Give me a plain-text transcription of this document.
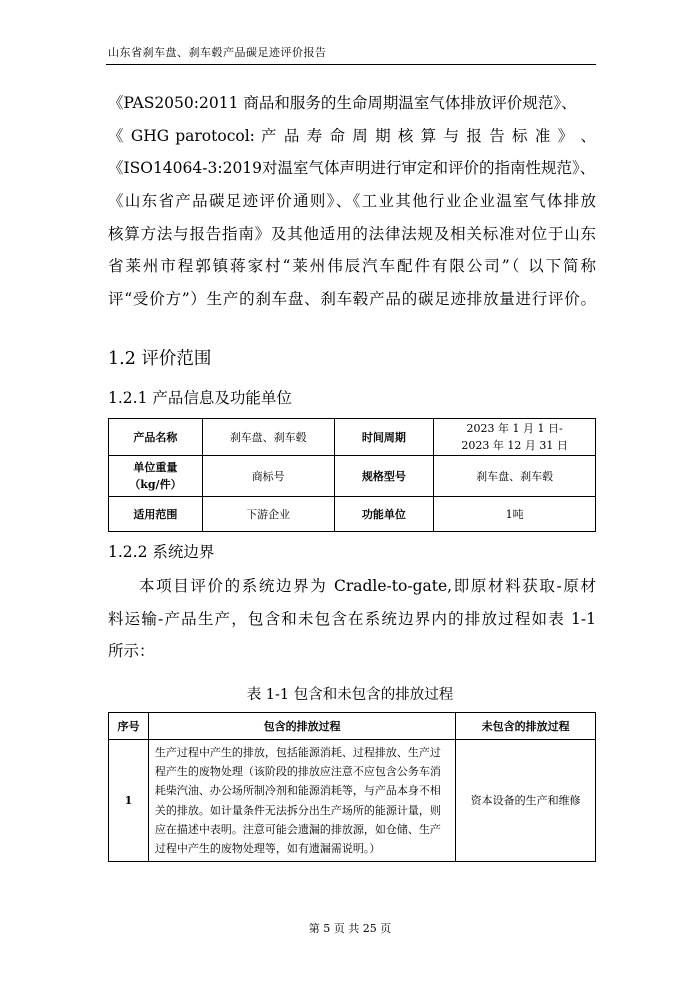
山东省刹车盘、刹车毂产品碳足迹评价报告
《PAS2050:2011 商品和服务的生命周期温室气体排放评价规范》、
《 GHG parotocol: 产 品 寿 命 周 期 核 算 与 报 告 标 准 》 、
《ISO14064-3:2019对温室气体声明进行审定和评价的指南性规范》、
《山东省产品碳足迹评价通则》、《工业其他行业企业温室气体排放
核算方法与报告指南》及其他适用的法律法规及相关标准对位于山东
省莱州市程郭镇蒋家村“莱州伟辰汽车配件有限公司”（ 以下简称
评“受价方”）生产的刹车盘、刹车毂产品的碳足迹排放量进行评价。
1.2 评价范围
1.2.1 产品信息及功能单位
产品名称	刹车盘、刹车毂	时间周期	2023 年 1 月 1 日-
2023 年 12 月 31 日
单位重量
（kg/件）	商标号	规格型号	刹车盘、刹车毂
适用范围	下游企业	功能单位	1吨
1.2.2 系统边界
本项目评价的系统边界为 Cradle-to-gate,即原材料获取-原材
料运输-产品生产，包含和未包含在系统边界内的排放过程如表 1-1
所示：
表 1-1 包含和未包含的排放过程
序号	包含的排放过程	未包含的排放过程
1	生产过程中产生的排放，包括能源消耗、过程排放、生产过程产生的废物处理（该阶段的排放应注意不应包含公务车消耗柴汽油、办公场所制冷剂和能源消耗等，与产品本身不相关的排放。如计量条件无法拆分出生产场所的能源计量，则应在描述中表明。注意可能会遗漏的排放源，如仓储、生产过程中产生的废物处理等，如有遗漏需说明。）	资本设备的生产和维修
第 5 页 共 25 页
